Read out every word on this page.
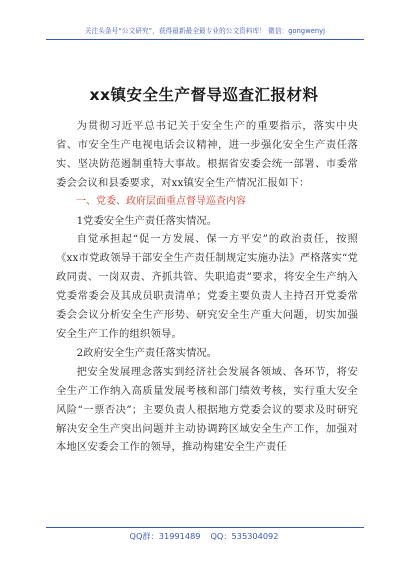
关注头条号“公文研究”，获得最新最全最专业的公文资料库！ 微信：gongwenyj
xx镇安全生产督导巡查汇报材料

为贯彻习近平总书记关于安全生产的重要指示，落实中央省、市安全生产电视电话会议精神，进一步强化安全生产责任落实、坚决防范遏制重特大事故。根据省安委会统一部署、市委常委会会议和县委要求，对xx镇安全生产情况汇报如下：

一、党委、政府层面重点督导巡查内容

1党委安全生产责任落实情况。

自觉承担起“促一方发展、保一方平安”的政治责任，按照《xx市党政领导干部安全生产责任制规定实施办法》严格落实“党政同责、一岗双责、齐抓共管、失职追责”要求，将安全生产纳入党委常委会及其成员职责清单；党委主要负责人主持召开党委常委会会议分析安全生产形势、研究安全生产重大问题，切实加强安全生产工作的组织领导。

2政府安全生产责任落实情况。

把安全发展理念落实到经济社会发展各领域、各环节，将安全生产工作纳入高质量发展考核和部门绩效考核，实行重大安全风险“一票否决”；主要负责人根据地方党委会议的要求及时研究解决安全生产突出问题并主动协调跨区域安全生产工作，加强对本地区安委会工作的领导，推动构建安全生产责任

QQ群：31991489 QQ：535304092
